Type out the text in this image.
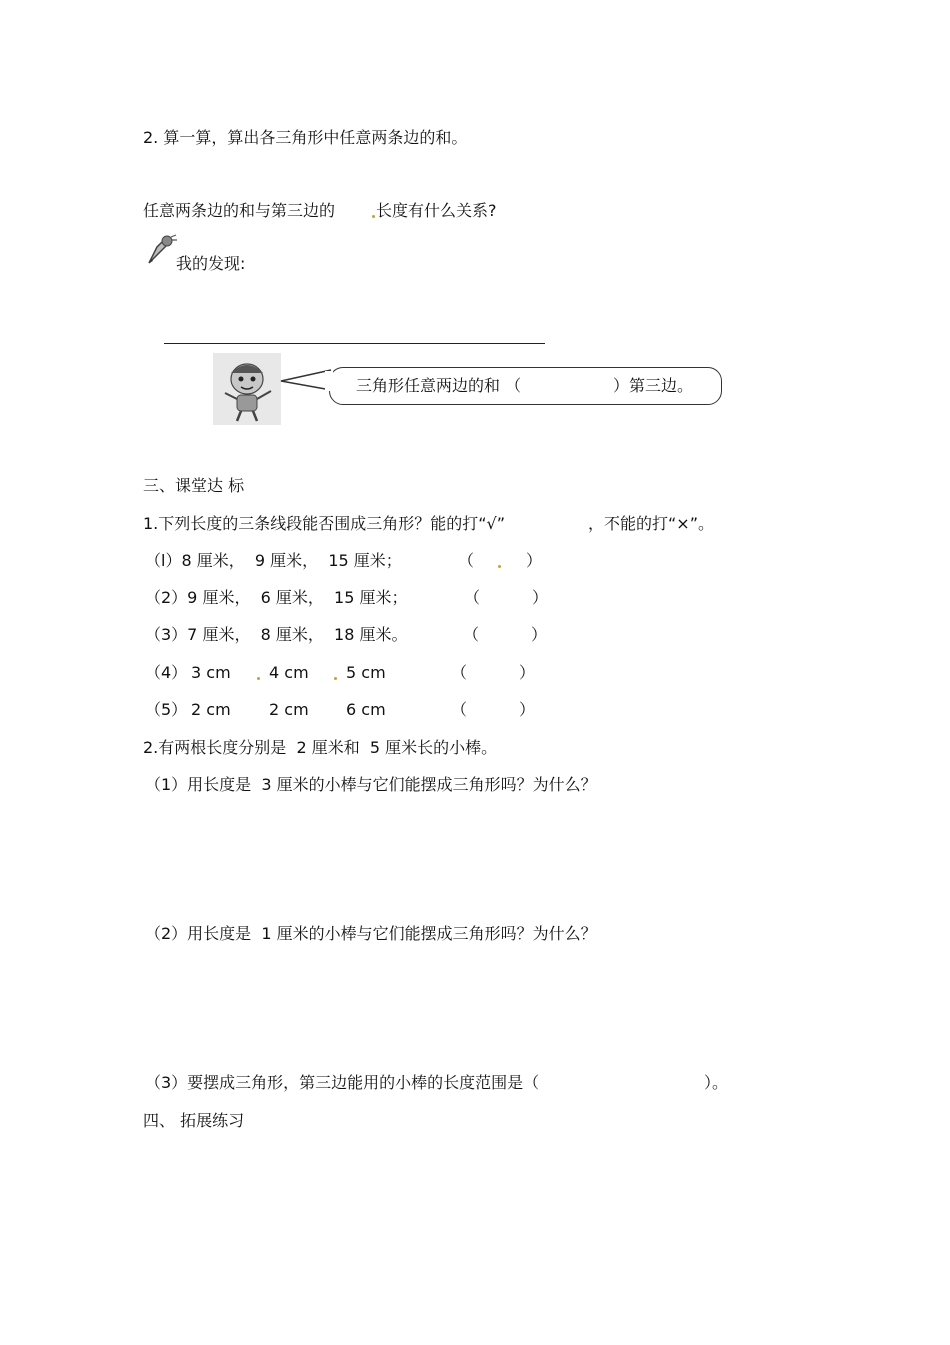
2. 算一算，算出各三角形中任意两条边的和。
任意两条边的和与第三边的	长度有什么关系?
我的发现:
三角形任意两边的和 （	）第三边。
三、课堂达 标
1.下列长度的三条线段能否围成三角形？能的打“√”	，不能的打“×”。
（l）8 厘米，  9 厘米，  15 厘米；	（	）
（2）9 厘米，  6 厘米，  15 厘米；	（	）
（3）7 厘米，  8 厘米，  18 厘米。	（	）
（4） 3 cm 4 cm 5 cm	（	）
（5） 2 cm 2 cm 6 cm	（	）
2.有两根长度分别是  2 厘米和  5 厘米长的小棒。
（1）用长度是  3 厘米的小棒与它们能摆成三角形吗？为什么？
（2）用长度是  1 厘米的小棒与它们能摆成三角形吗？为什么？
（3）要摆成三角形，第三边能用的小棒的长度范围是（	）。
四、 拓展练习
